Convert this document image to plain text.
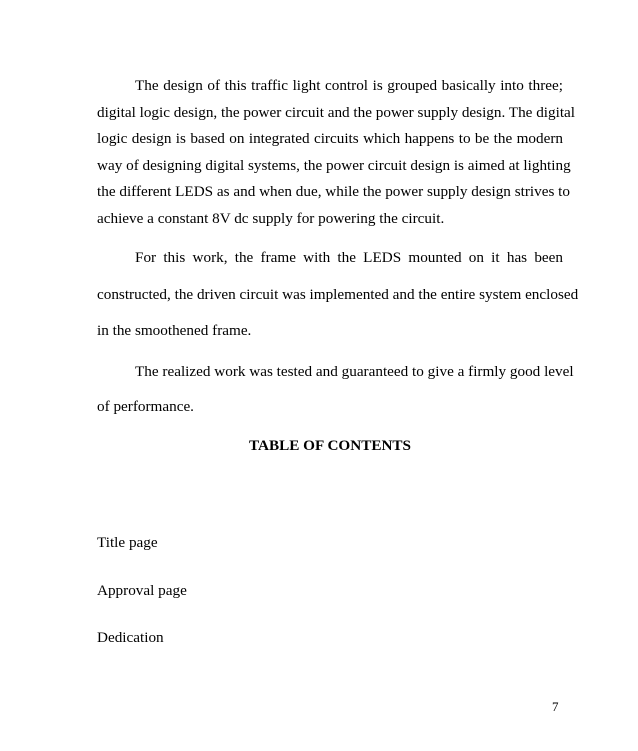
The design of this traffic light control is grouped basically into three;
digital logic design, the power circuit and the power supply design. The digital
logic design is based on integrated circuits which happens to be the modern
way of designing digital systems, the power circuit design is aimed at lighting
the different LEDS as and when due, while the power supply design strives to
achieve a constant 8V dc supply for powering the circuit.
For this work, the frame with the LEDS mounted on it has been
constructed, the driven circuit was implemented and the entire system enclosed
in the smoothened frame.
The realized work was tested and guaranteed to give a firmly good level
of performance.

TABLE OF CONTENTS

Title page

Approval page

Dedication

7
